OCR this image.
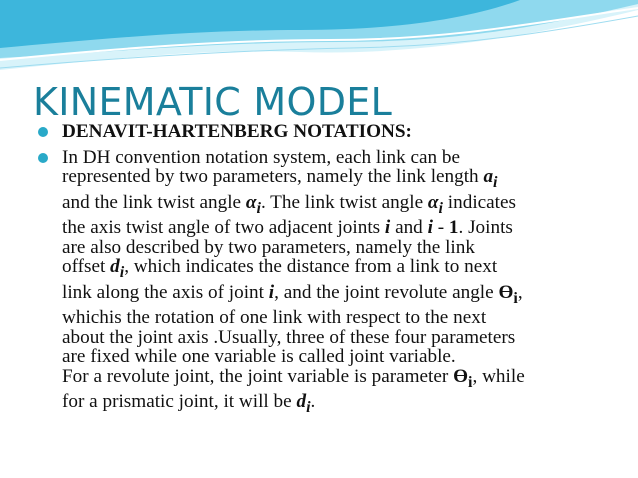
KINEMATIC MODEL
DENAVIT-HARTENBERG NOTATIONS:
In DH convention notation system, each link can be
represented by two parameters, namely the link length $a_i$
and the link twist angle $\alpha_i$. The link twist angle $\alpha_i$ indicates
the axis twist angle of two adjacent joints i and i - 1. Joints
are also described by two parameters, namely the link
offset $d_i$, which indicates the distance from a link to next
link along the axis of joint i, and the joint revolute angle $ϴ_i$,
whichis the rotation of one link with respect to the next
about the joint axis .Usually, three of these four parameters
are fixed while one variable is called joint variable.
For a revolute joint, the joint variable is parameter $ϴ_i$, while
for a prismatic joint, it will be $d_i$.
